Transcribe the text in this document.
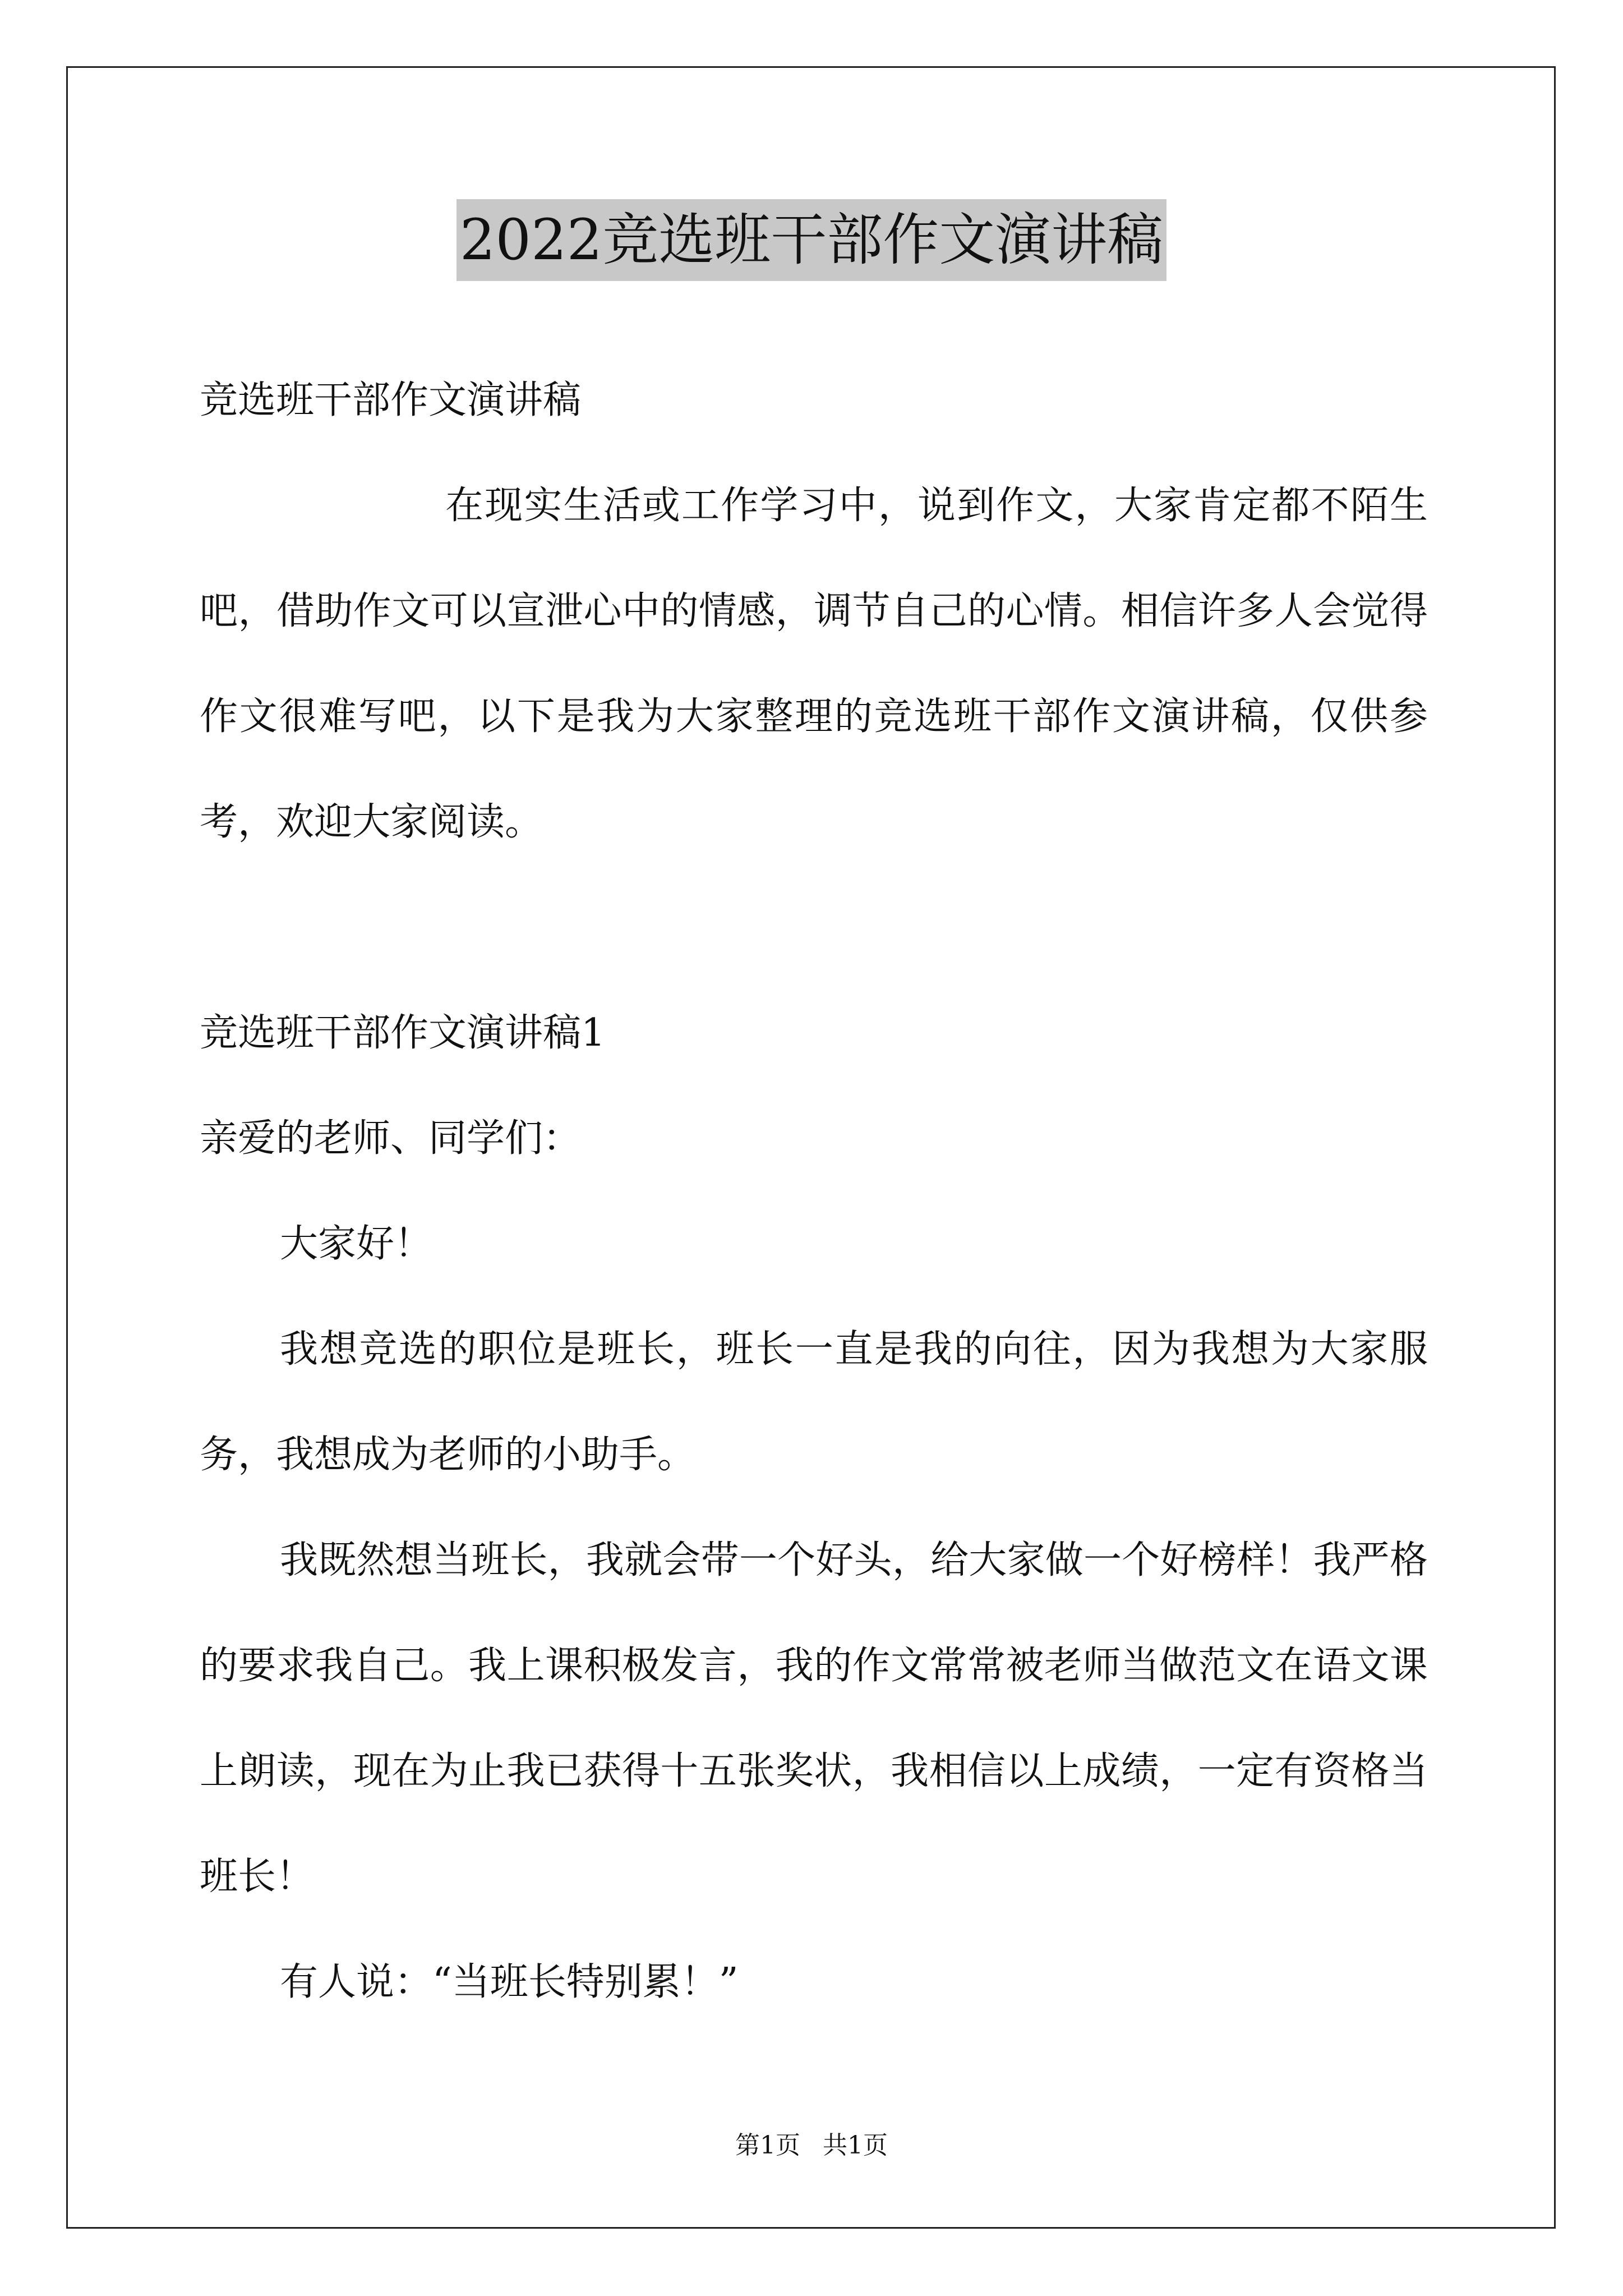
2022竞选班干部作文演讲稿

竞选班干部作文演讲稿

在现实生活或工作学习中，说到作文，大家肯定都不陌生吧，借助作文可以宣泄心中的情感，调节自己的心情。相信许多人会觉得作文很难写吧，以下是我为大家整理的竞选班干部作文演讲稿，仅供参考，欢迎大家阅读。

竞选班干部作文演讲稿1

亲爱的老师、同学们：

大家好！

我想竞选的职位是班长，班长一直是我的向往，因为我想为大家服务，我想成为老师的小助手。

我既然想当班长，我就会带一个好头，给大家做一个好榜样！我严格的要求我自己。我上课积极发言，我的作文常常被老师当做范文在语文课上朗读，现在为止我已获得十五张奖状，我相信以上成绩，一定有资格当班长！

有人说：“当班长特别累！”

第1页 共1页
